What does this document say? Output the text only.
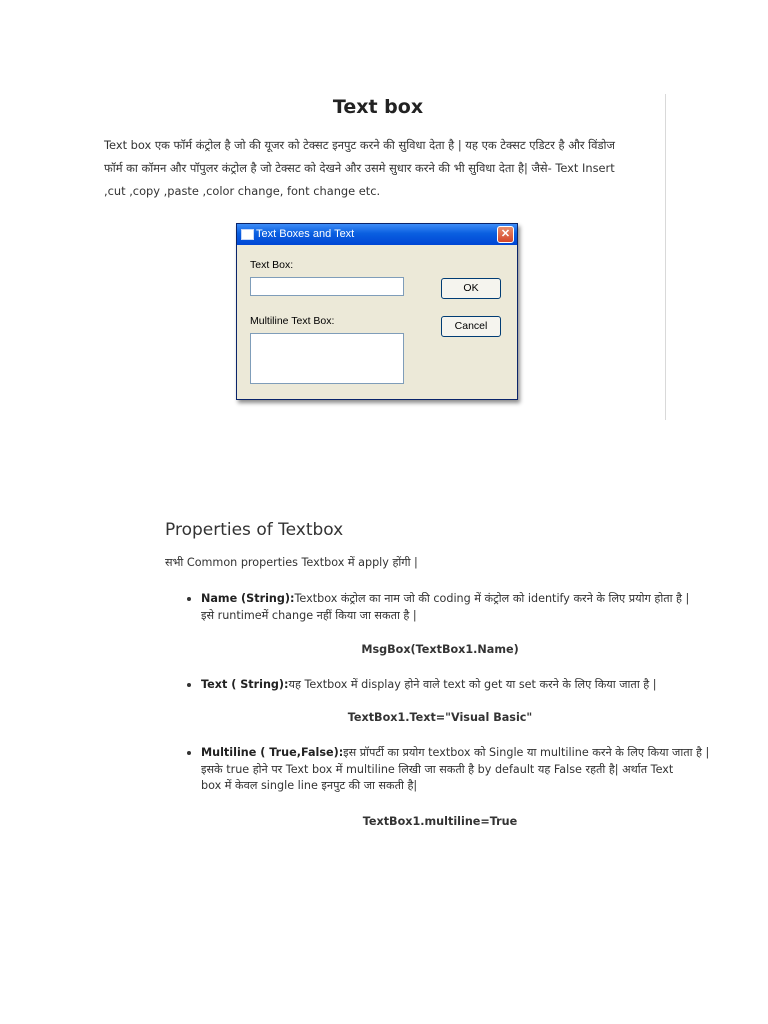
Text box
Text box एक फॉर्म कंट्रोल है जो की यूजर को टेक्सट इनपुट करने की सुविधा देता है | यह एक टेक्सट एडिटर है और विंडोज
फॉर्म का कॉमन और पॉपुलर कंट्रोल है जो टेक्सट को देखने और उसमे सुधार करने की भी सुविधा देता है| जैसे- Text Insert
,cut ,copy ,paste ,color change, font change etc.
Text Boxes and Text	✕
Text Box:
OK
Multiline Text Box:	Cancel
Properties of Textbox
सभी Common properties Textbox में apply होंगी |
Name (String):Textbox कंट्रोल का नाम जो की coding में कंट्रोल को identify करने के लिए प्रयोग होता है |
इसे runtimeमें change नहीं किया जा सकता है |
MsgBox(TextBox1.Name)
Text ( String):यह Textbox में display होने वाले text को get या set करने के लिए किया जाता है |
TextBox1.Text="Visual Basic"
Multiline ( True,False):इस प्रॉपर्टी का प्रयोग textbox को Single या multiline करने के लिए किया जाता है |
इसके true होने पर Text box में multiline लिखी जा सकती है by default यह False रहती है| अर्थात Text
box में केवल single line इनपुट की जा सकती है|
TextBox1.multiline=True
